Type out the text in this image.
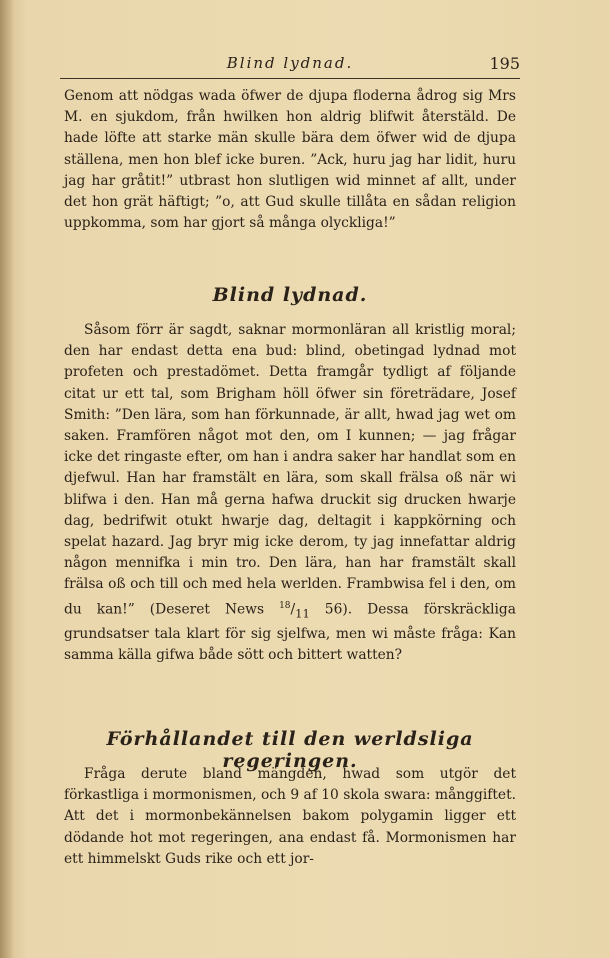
Blind lydnad.	195

Genom att nödgas wada öfwer de djupa floderna ådrog sig Mrs M. en sjukdom, från hwilken hon aldrig blifwit återstäld. De hade löfte att starke män skulle bära dem öfwer wid de djupa ställena, men hon blef icke buren. ”Ack, huru jag har lidit, huru jag har gråtit!” utbrast hon slutligen wid minnet af allt, under det hon grät häftigt; ”o, att Gud skulle tillåta en sådan religion uppkomma, som har gjort så många olyckliga!”

Blind lydnad.

Såsom förr är sagdt, saknar mormonläran all kristlig moral; den har endast detta ena bud: blind, obetingad lydnad mot profeten och prestadömet. Detta framgår tydligt af följande citat ur ett tal, som Brigham höll öfwer sin företrädare, Josef Smith: ”Den lära, som han förkunnade, är allt, hwad jag wet om saken. Framfören något mot den, om I kunnen; — jag frågar icke det ringaste efter, om han i andra saker har handlat som en djefwul. Han har framstält en lära, som skall frälsa oß när wi blifwa i den. Han må gerna hafwa druckit sig drucken hwarje dag, bedrifwit otukt hwarje dag, deltagit i kappkörning och spelat hazard. Jag bryr mig icke derom, ty jag innefattar aldrig någon mennifka i min tro. Den lära, han har framstält skall frälsa oß och till och med hela werlden. Frambwisa fel i den, om du kan!” (Deseret News $^{18}/_{11}$ 56). Dessa förskräckliga grundsatser tala klart för sig sjelfwa, men wi måste fråga: Kan samma källa gifwa både sött och bittert watten?

Förhållandet till den werldsliga regeringen.

Fråga derute bland mängden, hwad som utgör det förkastliga i mormonismen, och 9 af 10 skola swara: månggiftet. Att det i mormonbekännelsen bakom polygamin ligger ett dödande hot mot regeringen, ana endast få. Mormonismen har ett himmelskt Guds rike och ett jor-
